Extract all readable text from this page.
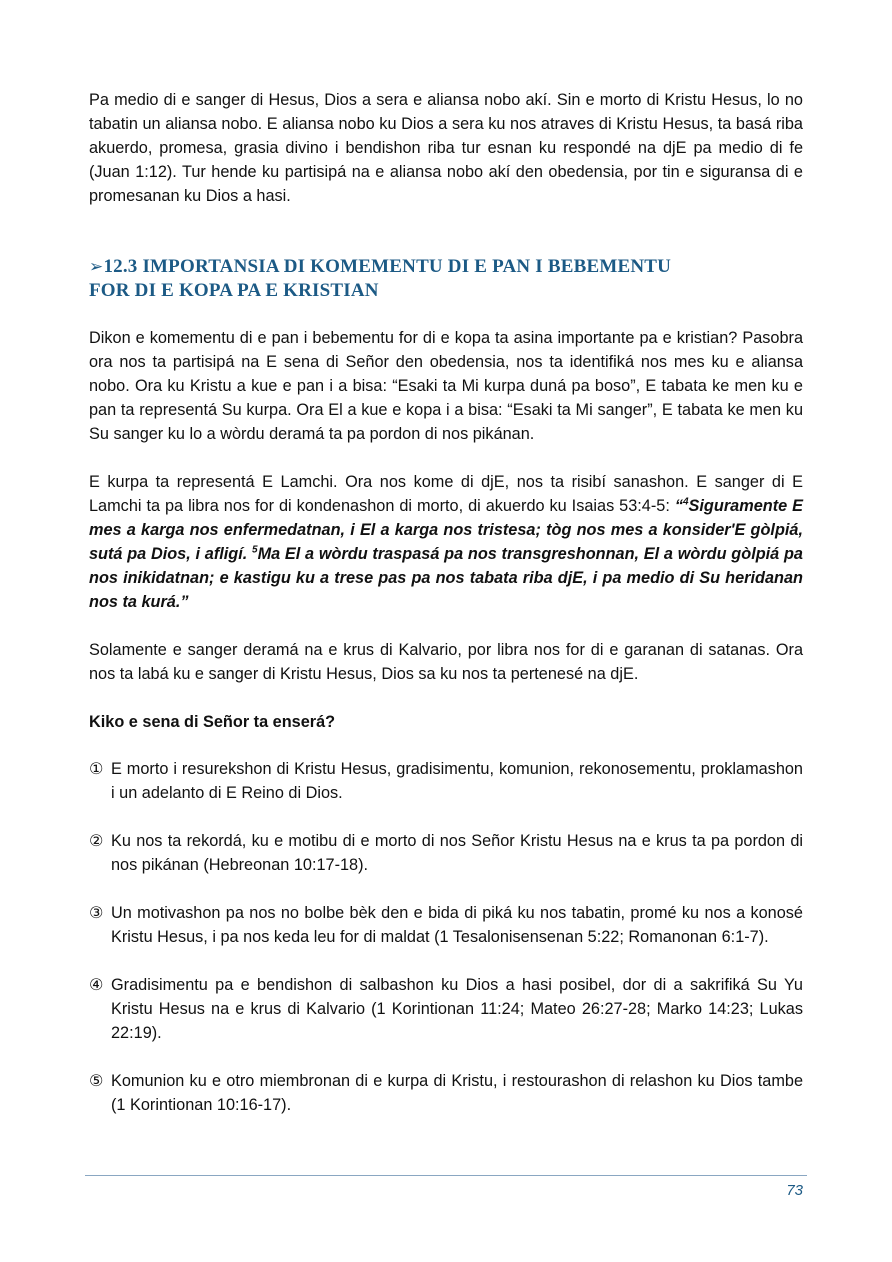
Pa medio di e sanger di Hesus, Dios a sera e aliansa nobo akí. Sin e morto di Kristu Hesus, lo no tabatin un aliansa nobo. E aliansa nobo ku Dios a sera ku nos atraves di Kristu Hesus, ta basá riba akuerdo, promesa, grasia divino i bendishon riba tur esnan ku respondé na djE pa medio di fe (Juan 1:12). Tur hende ku partisipá na e aliansa nobo akí den obedensia, por tin e siguransa di e promesanan ku Dios a hasi.

➢12.3 IMPORTANSIA DI KOMEMENTU DI E PAN I BEBEMENTU
FOR DI E KOPA PA E KRISTIAN

Dikon e komementu di e pan i bebementu for di e kopa ta asina importante pa e kristian? Pasobra ora nos ta partisipá na E sena di Señor den obedensia, nos ta identifiká nos mes ku e aliansa nobo. Ora ku Kristu a kue e pan i a bisa: “Esaki ta Mi kurpa duná pa boso”, E tabata ke men ku e pan ta representá Su kurpa. Ora El a kue e kopa i a bisa: “Esaki ta Mi sanger”, E tabata ke men ku Su sanger ku lo a wòrdu deramá ta pa pordon di nos pikánan.

E kurpa ta representá E Lamchi. Ora nos kome di djE, nos ta risibí sanashon. E sanger di E Lamchi ta pa libra nos for di kondenashon di morto, di akuerdo ku Isaias 53:4-5: “$^4$Siguramente E mes a karga nos enfermedatnan, i El a karga nos tristesa; tòg nos mes a konsider'E gòlpiá, sutá pa Dios, i afligí. $^5$Ma El a wòrdu traspasá pa nos transgreshonnan, El a wòrdu gòlpiá pa nos inikidatnan; e kastigu ku a trese pas pa nos tabata riba djE, i pa medio di Su heridanan nos ta kurá.”

Solamente e sanger deramá na e krus di Kalvario, por libra nos for di e garanan di satanas. Ora nos ta labá ku e sanger di Kristu Hesus, Dios sa ku nos ta pertenesé na djE.

Kiko e sena di Señor ta enserá?
① E morto i resurekshon di Kristu Hesus, gradisimentu, komunion, rekonosementu, proklamashon i un adelanto di E Reino di Dios.
② Ku nos ta rekordá, ku e motibu di e morto di nos Señor Kristu Hesus na e krus ta pa pordon di nos pikánan (Hebreonan 10:17-18).
③ Un motivashon pa nos no bolbe bèk den e bida di piká ku nos tabatin, promé ku nos a konosé Kristu Hesus, i pa nos keda leu for di maldat (1 Tesalonisensenan 5:22; Romanonan 6:1-7).
④ Gradisimentu pa e bendishon di salbashon ku Dios a hasi posibel, dor di a sakrifiká Su Yu Kristu Hesus na e krus di Kalvario (1 Korintionan 11:24; Mateo 26:27-28; Marko 14:23; Lukas 22:19).
⑤ Komunion ku e otro miembronan di e kurpa di Kristu, i restourashon di relashon ku Dios tambe (1 Korintionan 10:16-17).
73
